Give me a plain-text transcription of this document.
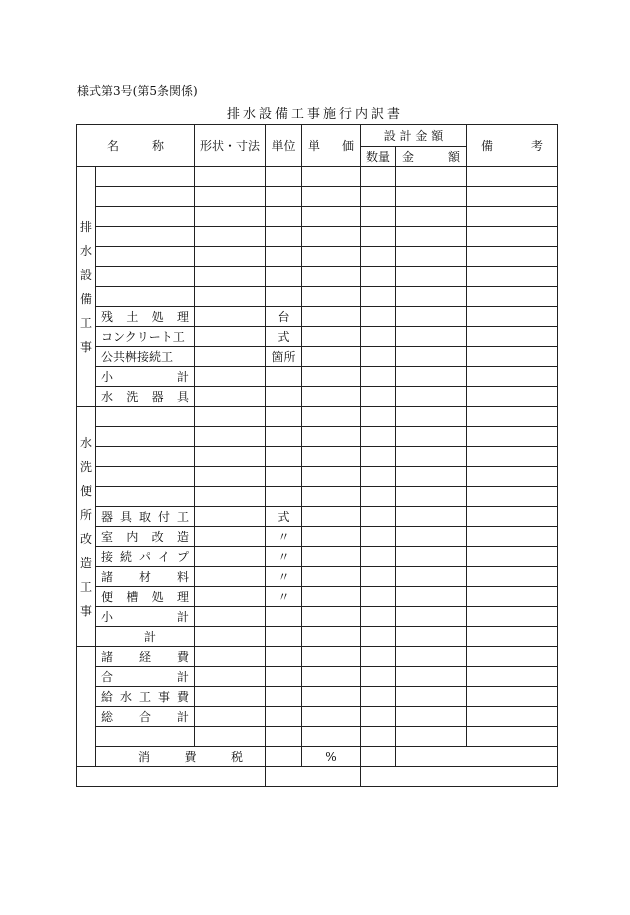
様式第3号(第5条関係)
排水設備工事施行内訳書
名 称		形状・寸法	単位	単 価	設 計 金 額		備 考	

					数量	金 額		

排水設備工事								

	残 土 処 理		台					

	コンクリート工		式					

	公共桝接続工		箇所					

	小 計							

	水 洗 器 具							

水洗便所改造工事								

	器 具 取 付 工		式					

	室 内 改 造		〃					

	接 続 パ イ プ		〃					

	諸 材 料		〃					

	便 槽 処 理		〃					

	小 計							

	計							

	諸 経 費							

	合 計							

	給 水 工 事 費							

	総 合 計							

	消 費 税			%				
